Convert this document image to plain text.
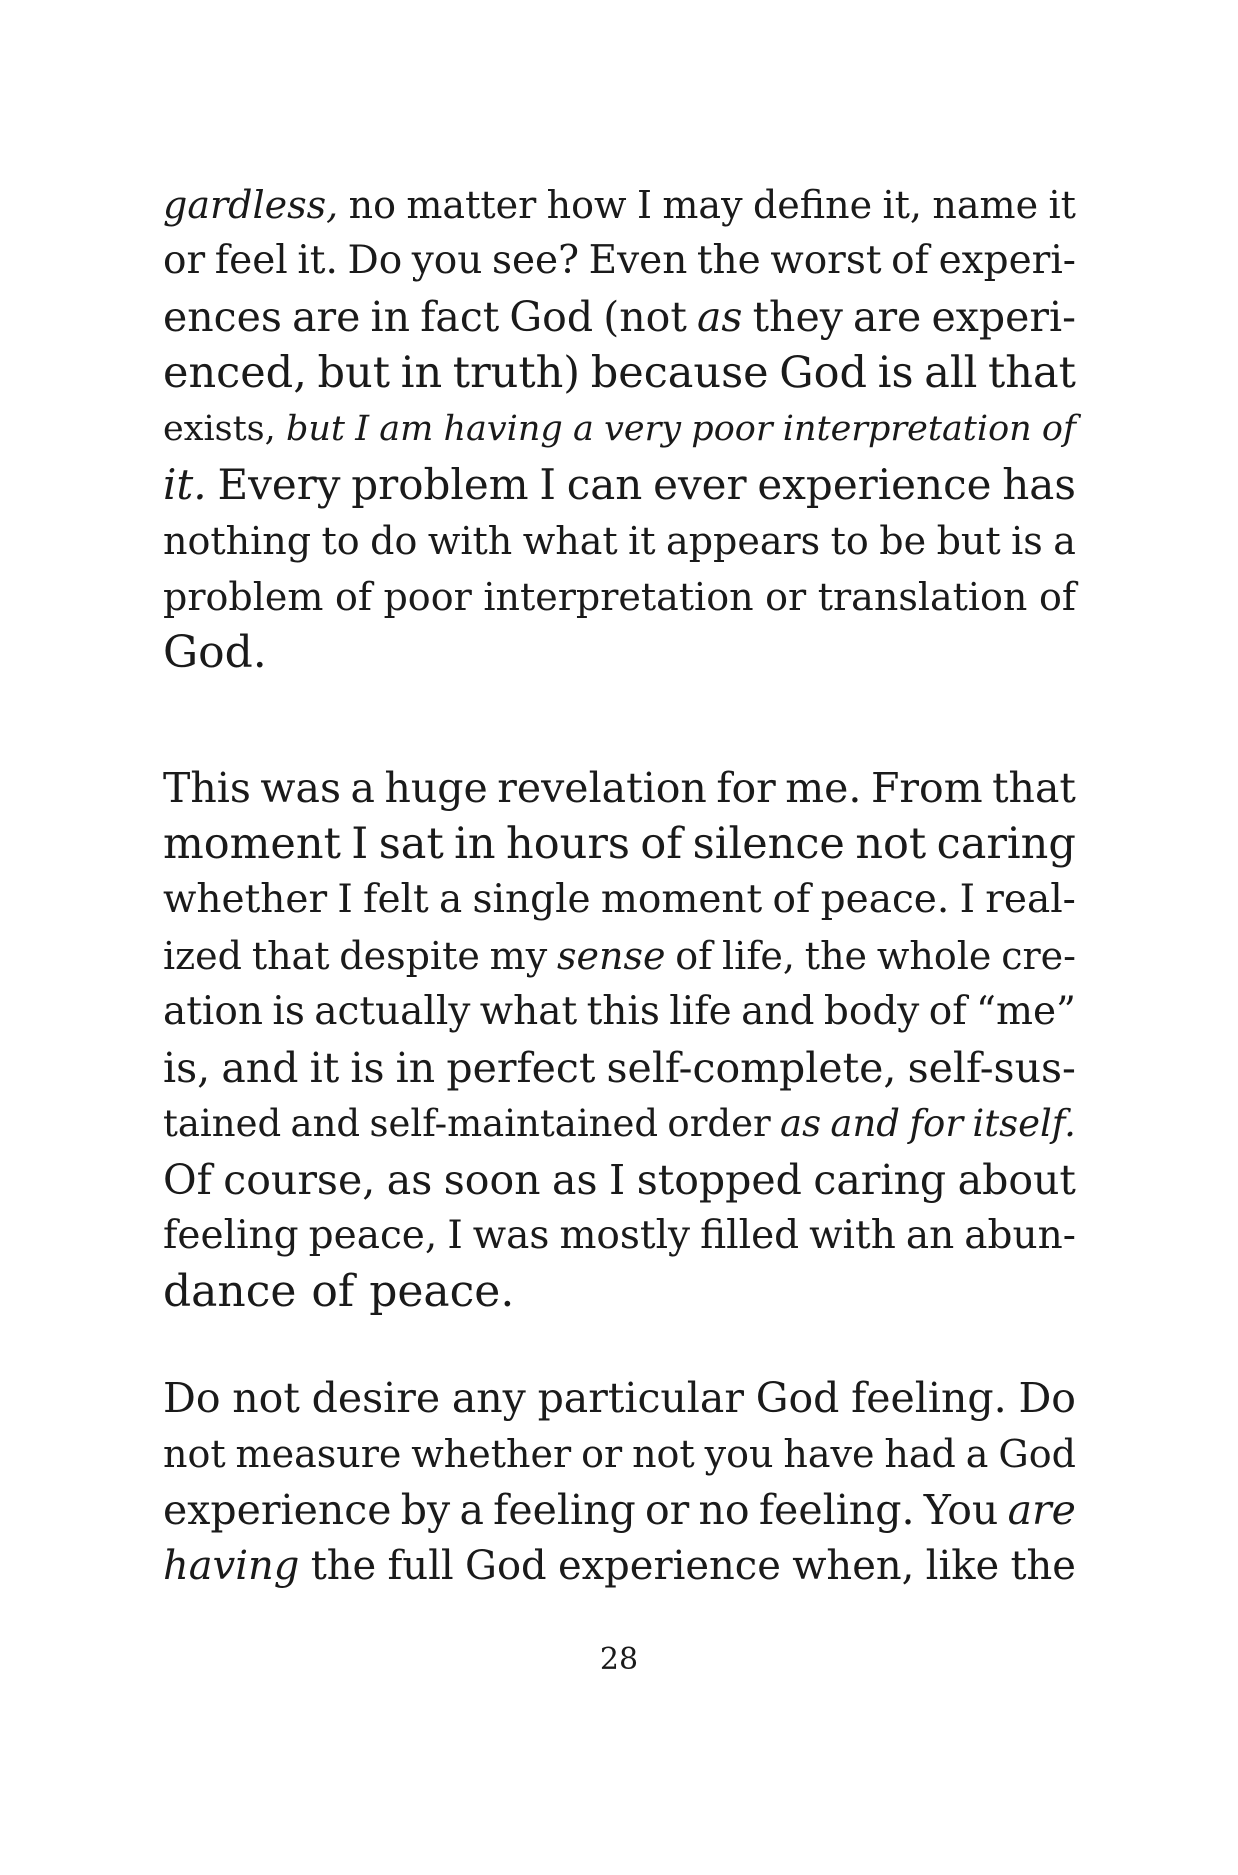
gardless, no matter how I may define it, name it
or feel it. Do you see? Even the worst of experi-
ences are in fact God (not as they are experi-
enced, but in truth) because God is all that
exists, but I am having a very poor interpretation of
it. Every problem I can ever experience has
nothing to do with what it appears to be but is a
problem of poor interpretation or translation of
God.
This was a huge revelation for me. From that
moment I sat in hours of silence not caring
whether I felt a single moment of peace. I real-
ized that despite my sense of life, the whole cre-
ation is actually what this life and body of “me”
is, and it is in perfect self-complete, self-sus-
tained and self-maintained order as and for itself.
Of course, as soon as I stopped caring about
feeling peace, I was mostly filled with an abun-
dance of peace.
Do not desire any particular God feeling. Do
not measure whether or not you have had a God
experience by a feeling or no feeling. You are
having the full God experience when, like the
28
